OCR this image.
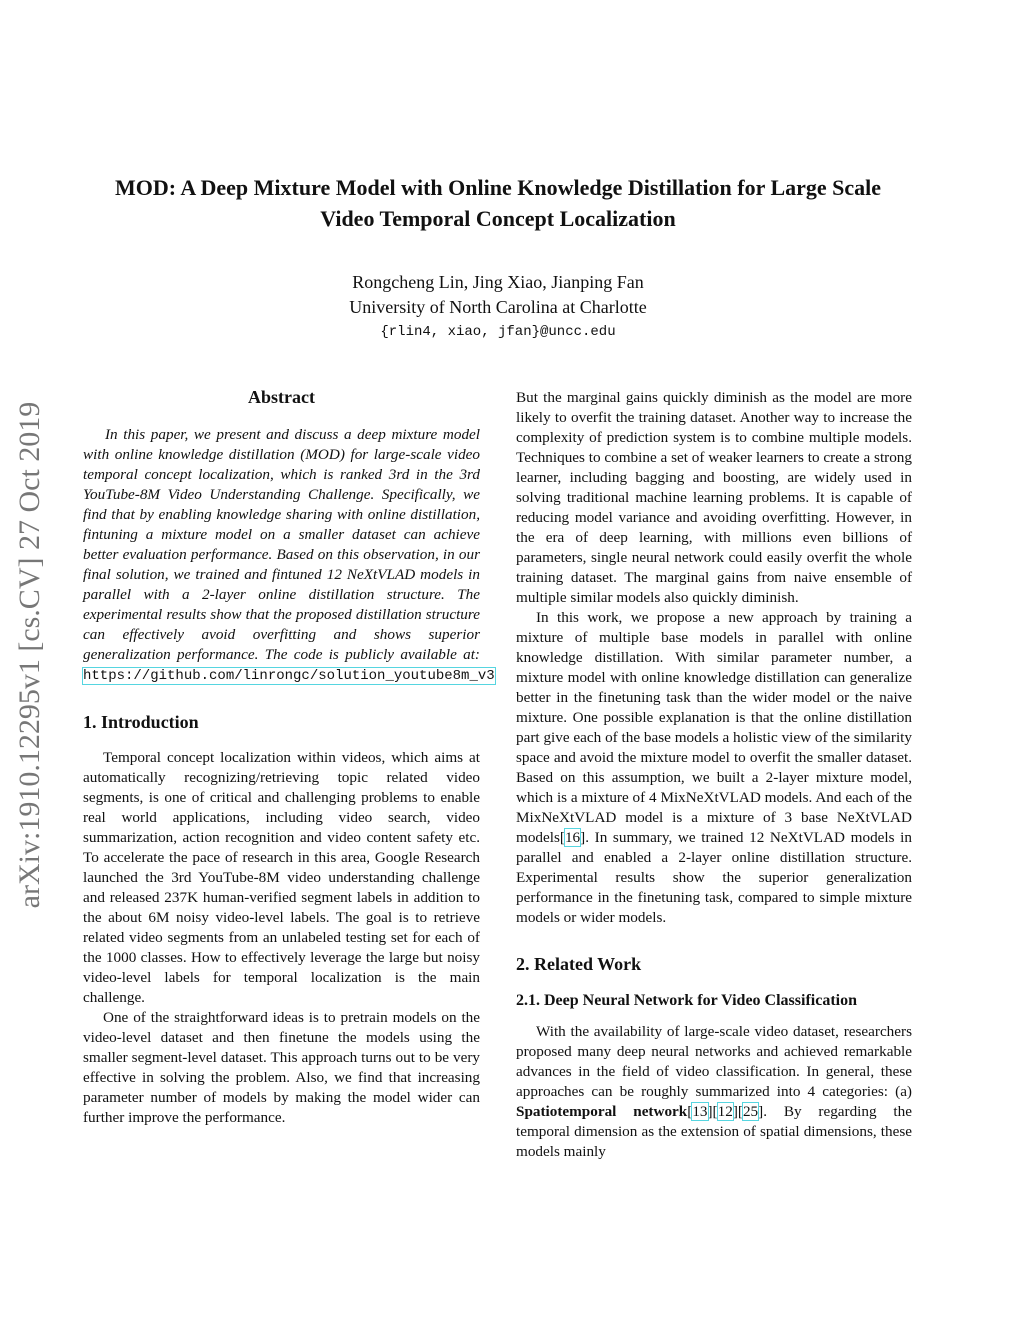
MOD: A Deep Mixture Model with Online Knowledge Distillation for Large Scale Video Temporal Concept Localization
Rongcheng Lin, Jing Xiao, Jianping Fan
University of North Carolina at Charlotte
{rlin4, xiao, jfan}@uncc.edu
arXiv:1910.12295v1 [cs.CV] 27 Oct 2019
Abstract

In this paper, we present and discuss a deep mixture model with online knowledge distillation (MOD) for large-scale video temporal concept localization, which is ranked 3rd in the 3rd YouTube-8M Video Understanding Challenge. Specifically, we find that by enabling knowledge sharing with online distillation, fintuning a mixture model on a smaller dataset can achieve better evaluation performance. Based on this observation, in our final solution, we trained and fintuned 12 NeXtVLAD models in parallel with a 2-layer online distillation structure. The experimental results show that the proposed distillation structure can effectively avoid overfitting and shows superior generalization performance. The code is publicly available at: https://github.com/linrongc/solution_youtube8m_v3

1. Introduction

Temporal concept localization within videos, which aims at automatically recognizing/retrieving topic related video segments, is one of critical and challenging problems to enable real world applications, including video search, video summarization, action recognition and video content safety etc. To accelerate the pace of research in this area, Google Research launched the 3rd YouTube-8M video understanding challenge and released 237K human-verified segment labels in addition to the about 6M noisy video-level labels. The goal is to retrieve related video segments from an unlabeled testing set for each of the 1000 classes. How to effectively leverage the large but noisy video-level labels for temporal localization is the main challenge.

One of the straightforward ideas is to pretrain models on the video-level dataset and then finetune the models using the smaller segment-level dataset. This approach turns out to be very effective in solving the problem. Also, we find that increasing parameter number of models by making the model wider can further improve the performance.

But the marginal gains quickly diminish as the model are more likely to overfit the training dataset. Another way to increase the complexity of prediction system is to combine multiple models. Techniques to combine a set of weaker learners to create a strong learner, including bagging and boosting, are widely used in solving traditional machine learning problems. It is capable of reducing model variance and avoiding overfitting. However, in the era of deep learning, with millions even billions of parameters, single neural network could easily overfit the whole training dataset. The marginal gains from naive ensemble of multiple similar models also quickly diminish.

In this work, we propose a new approach by training a mixture of multiple base models in parallel with online knowledge distillation. With similar parameter number, a mixture model with online knowledge distillation can generalize better in the finetuning task than the wider model or the naive mixture. One possible explanation is that the online distillation part give each of the base models a holistic view of the similarity space and avoid the mixture model to overfit the smaller dataset. Based on this assumption, we built a 2-layer mixture model, which is a mixture of 4 MixNeXtVLAD models. And each of the MixNeXtVLAD model is a mixture of 3 base NeXtVLAD models[16]. In summary, we trained 12 NeXtVLAD models in parallel and enabled a 2-layer online distillation structure. Experimental results show the superior generalization performance in the finetuning task, compared to simple mixture models or wider models.

2. Related Work
2.1. Deep Neural Network for Video Classification

With the availability of large-scale video dataset, researchers proposed many deep neural networks and achieved remarkable advances in the field of video classification. In general, these approaches can be roughly summarized into 4 categories: (a) Spatiotemporal network[13][12][25]. By regarding the temporal dimension as the extension of spatial dimensions, these models mainly
